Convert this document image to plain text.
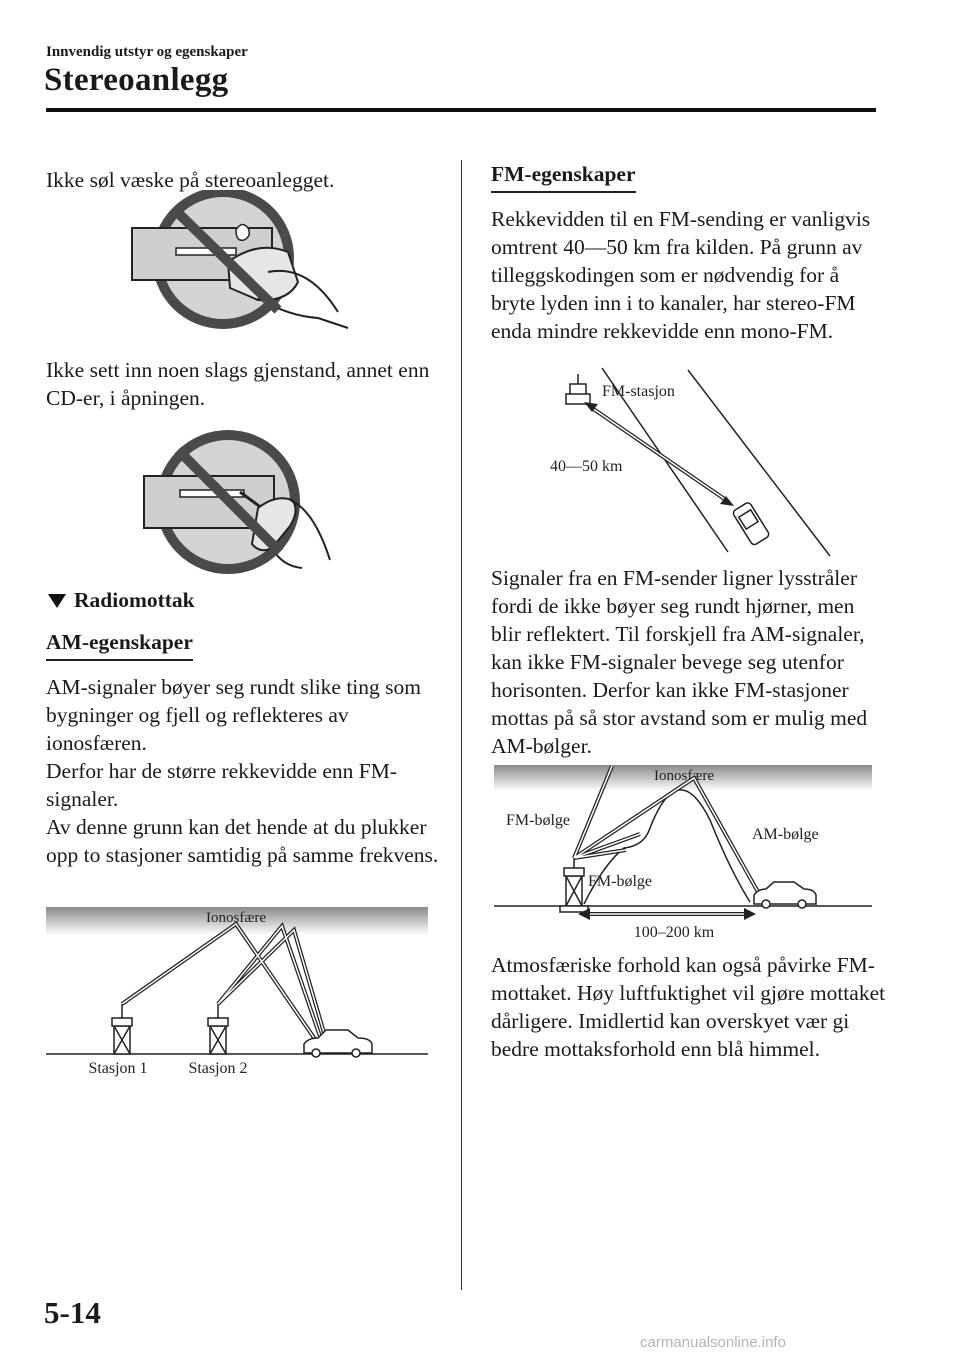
Innvendig utstyr og egenskaper
Stereoanlegg

Ikke søl væske på stereoanlegget.

Ikke sett inn noen slags gjenstand, annet enn CD-er, i åpningen.

Radiomottak
AM-egenskaper

AM-signaler bøyer seg rundt slike ting som bygninger og fjell og reflekteres av ionosfæren.
Derfor har de større rekkevidde enn FM-signaler.
Av denne grunn kan det hende at du plukker opp to stasjoner samtidig på samme frekvens.

Ionosfære
Stasjon 1	Stasjon 2
FM-egenskaper

Rekkevidden til en FM-sending er vanligvis omtrent 40―50 km fra kilden. På grunn av tilleggskodingen som er nødvendig for å bryte lyden inn i to kanaler, har stereo-FM enda mindre rekkevidde enn mono-FM.

FM-stasjon
40―50 km

Signaler fra en FM-sender ligner lysstråler fordi de ikke bøyer seg rundt hjørner, men blir reflektert. Til forskjell fra AM-signaler, kan ikke FM-signaler bevege seg utenfor horisonten. Derfor kan ikke FM-stasjoner mottas på så stor avstand som er mulig med AM-bølger.

Ionosfære
FM-bølge
AM-bølge
FM-bølge
100–200 km

Atmosfæriske forhold kan også påvirke FM-mottaket. Høy luftfuktighet vil gjøre mottaket dårligere. Imidlertid kan overskyet vær gi bedre mottaksforhold enn blå himmel.

5-14
carmanualsonline.info
